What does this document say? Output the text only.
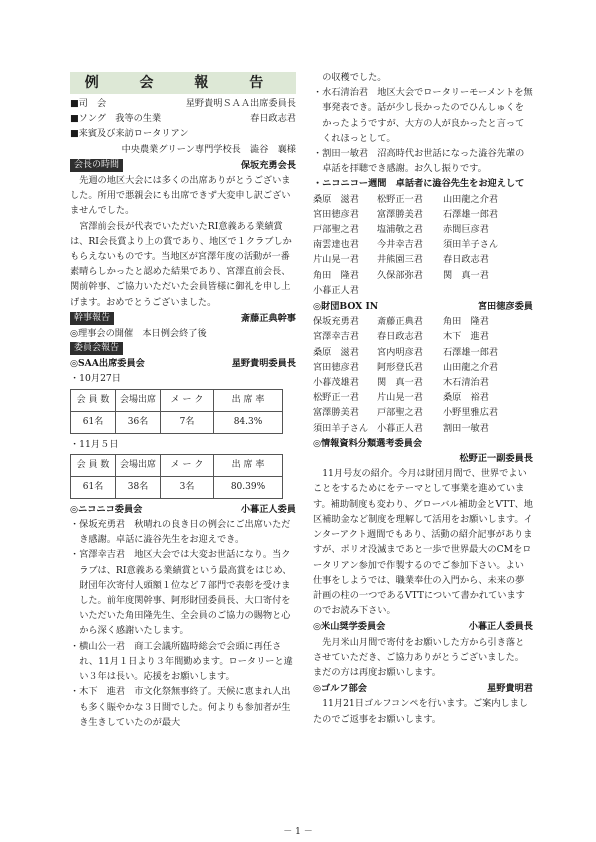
例 会 報 告
■司　会	星野貴明ＳＡＡ出席委員長
■ソング　我等の生業	春日政志君
■来賓及び来訪ロータリアン

中央農業グリーン専門学校長　澁谷　襄様

会長の時間	保坂充勇会長

先週の地区大会には多くの出席ありがとうございました。所用で悪親会にも出席できず大変申し訳ございませんでした。

宮澤前会長が代表でいただいたRI意義ある業績賞は、RI会長賞より上の賞であり、地区で１クラブしかもらえないものです。当地区が宮澤年度の活動が一番素晴らしかったと認めた結果であり、宮澤直前会長、関前幹事、ご協力いただいた会員皆様に御礼を申し上げます。おめでとうございました。

幹事報告	斎藤正典幹事

◎理事会の開催　本日例会終了後

委員会報告
◎SAA出席委員会	星野貴明委員長

・10月27日

会 員 数	会場出席	メ ー ク	出 席 率
61名	36名	7名	84.3%

・11月５日

会 員 数	会場出席	メ ー ク	出 席 率
61名	38名	3名	80.39%
◎ニコニコ委員会	小暮正人委員

・保坂充勇君　秋晴れの良き日の例会にご出席いただき感謝。卓話に澁谷先生をお迎えでき。

・宮澤幸吉君　地区大会では大変お世話になり。当クラブは、RI意義ある業績賞という最高賞をはじめ、財団年次寄付人頭額１位など７部門で表彰を受けました。前年度関幹事、阿形財団委員長、大口寄付をいただいた角田隆先生、全会員のご協力の賜物と心から深く感謝いたします。

・横山公一君　商工会議所臨時総会で会頭に再任され、11月１日より３年間勤めます。ロータリーと違い３年は長い。応援をお願いします。

・木下　進君　市文化祭無事終了。天候に恵まれ人出も多く賑やかな３日間でした。何よりも参加者が生き生きしていたのが最大

の収穫でした。

・水石清治君　地区大会でロータリーモーメントを無事発表でき。話が少し長かったのでひんしゅくをかったようですが、大方の人が良かったと言ってくれほっとして。

・割田一敏君　沼高時代お世話になった澁谷先輩の卓話を拝聴でき感謝。お久し振りです。

・ニコニコー週間　卓話者に澁谷先生をお迎えして

桑原　滋君	松野正一君	山田龍之介君
宮田徳彦君	富澤勝美君	石澤雄一郎君
戸部聖之君	塩浦敬之君	赤間巨彦君
南雲達也君	今井幸吉君	須田羊子さん
片山晃一君	井熊園三君	春日政志君
角田　隆君	久保部弥君	関　真一君
小暮正人君
◎財団BOX IN	宮田徳彦委員
保坂充勇君	斎藤正典君	角田　隆君
宮澤幸吉君	春日政志君	木下　進君
桑原　滋君	宮内明彦君	石澤雄一郎君
宮田徳彦君	阿形登氏君	山田龍之介君
小暮茂雄君	関　真一君	木石清治君
松野正一君	片山晃一君	桑原　裕君
富澤勝美君	戸部聖之君	小野里雅広君
須田羊子さん 小暮正人君	割田一敏君

◎情報資料分類選考委員会

松野正一副委員長

11月号友の紹介。今月は財団月間で、世界でよいことをするためにをテーマとして事業を進めています。補助制度も変わり、グローバル補助金とVTT、地区補助金など制度を理解して活用をお願いします。インターアクト週間でもあり、活動の紹介記事がありますが、ポリオ没滅まであと一歩で世界最大のCMをロータリアン参加で作製するのでご参加下さい。よい仕事をしようでは、職業奉仕の入門から、未来の夢計画の柱の一つであるVTTについて書かれていますのでお読み下さい。

◎米山奨学委員会	小暮正人委員長

先月米山月間で寄付をお願いした方から引き落とさせていただき、ご協力ありがとうございました。まだの方は再度お願いします。

◎ゴルフ部会	星野貴明君

11月21日ゴルフコンペを行います。ご案内しましたのでご返事をお願いします。

－ 1 －
